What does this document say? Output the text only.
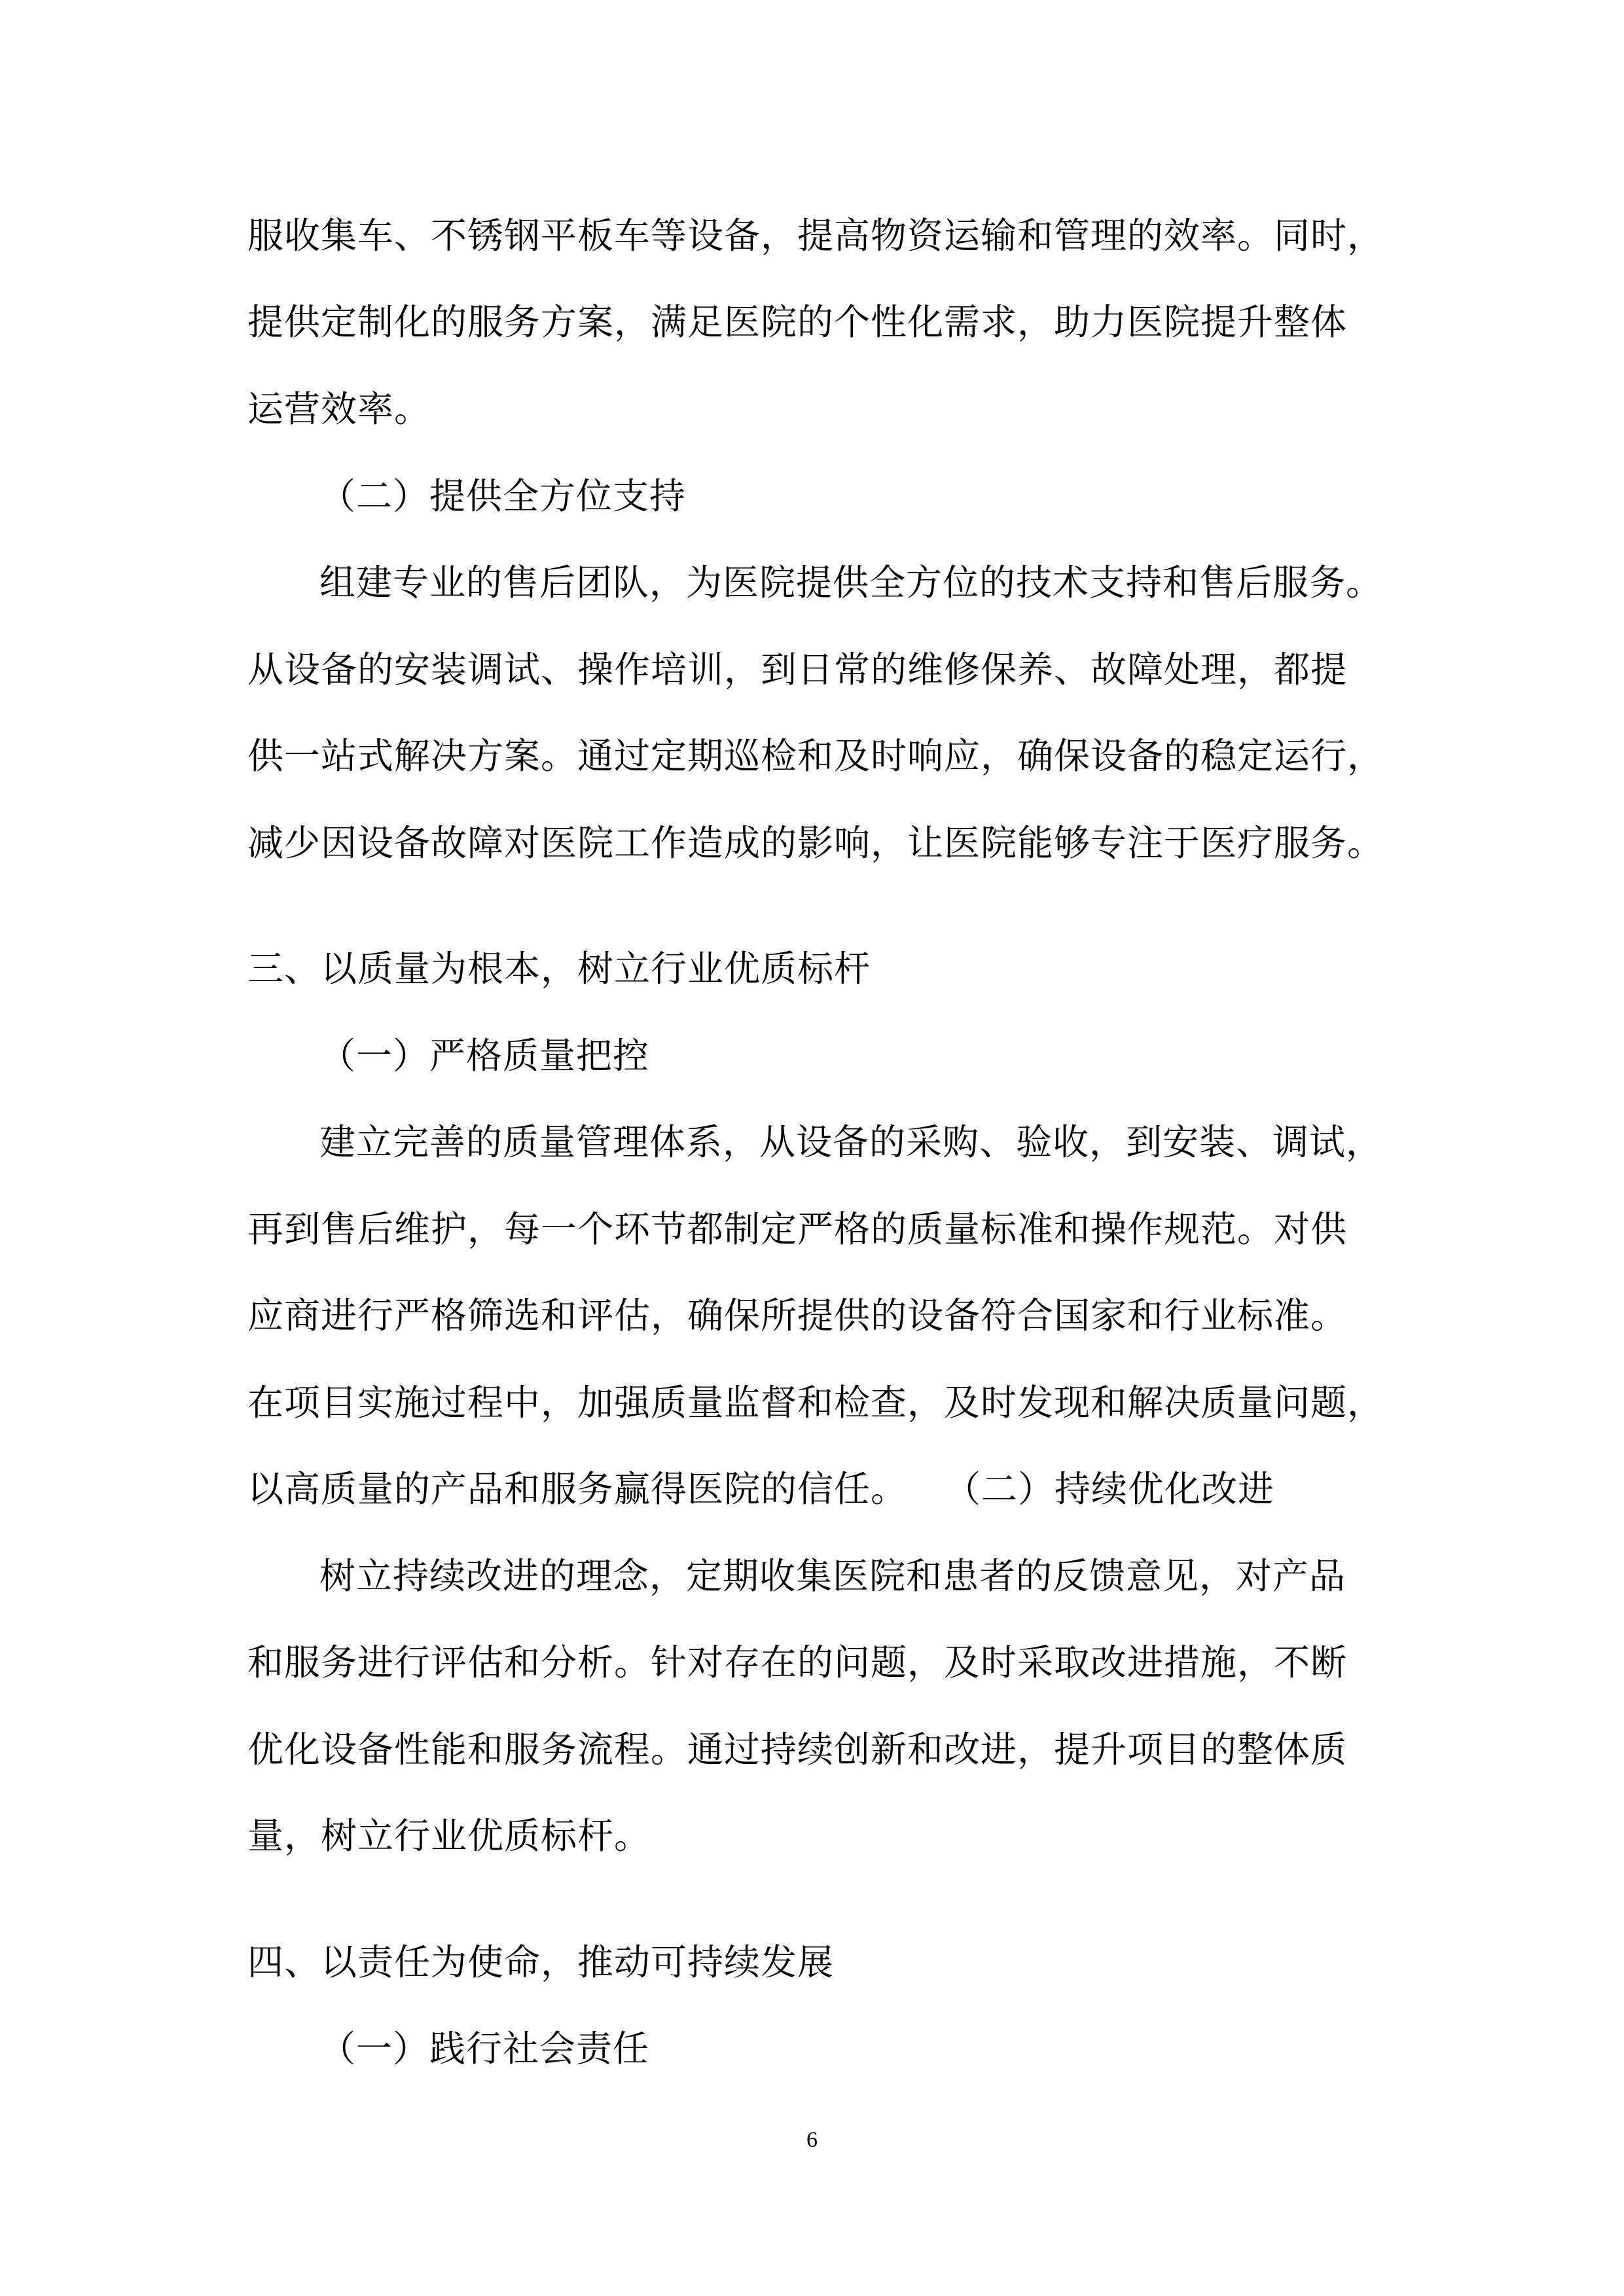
服收集车、不锈钢平板车等设备，提高物资运输和管理的效率。同时，
提供定制化的服务方案，满足医院的个性化需求，助力医院提升整体
运营效率。
（二）提供全方位支持
组建专业的售后团队，为医院提供全方位的技术支持和售后服务。
从设备的安装调试、操作培训，到日常的维修保养、故障处理，都提
供一站式解决方案。通过定期巡检和及时响应，确保设备的稳定运行，
减少因设备故障对医院工作造成的影响，让医院能够专注于医疗服务。
三、以质量为根本，树立行业优质标杆
（一）严格质量把控
建立完善的质量管理体系，从设备的采购、验收，到安装、调试，
再到售后维护，每一个环节都制定严格的质量标准和操作规范。对供
应商进行严格筛选和评估，确保所提供的设备符合国家和行业标准。
在项目实施过程中，加强质量监督和检查，及时发现和解决质量问题，
以高质量的产品和服务赢得医院的信任。　　（二）持续优化改进
树立持续改进的理念，定期收集医院和患者的反馈意见，对产品
和服务进行评估和分析。针对存在的问题，及时采取改进措施，不断
优化设备性能和服务流程。通过持续创新和改进，提升项目的整体质
量，树立行业优质标杆。
四、以责任为使命，推动可持续发展
（一）践行社会责任
6
